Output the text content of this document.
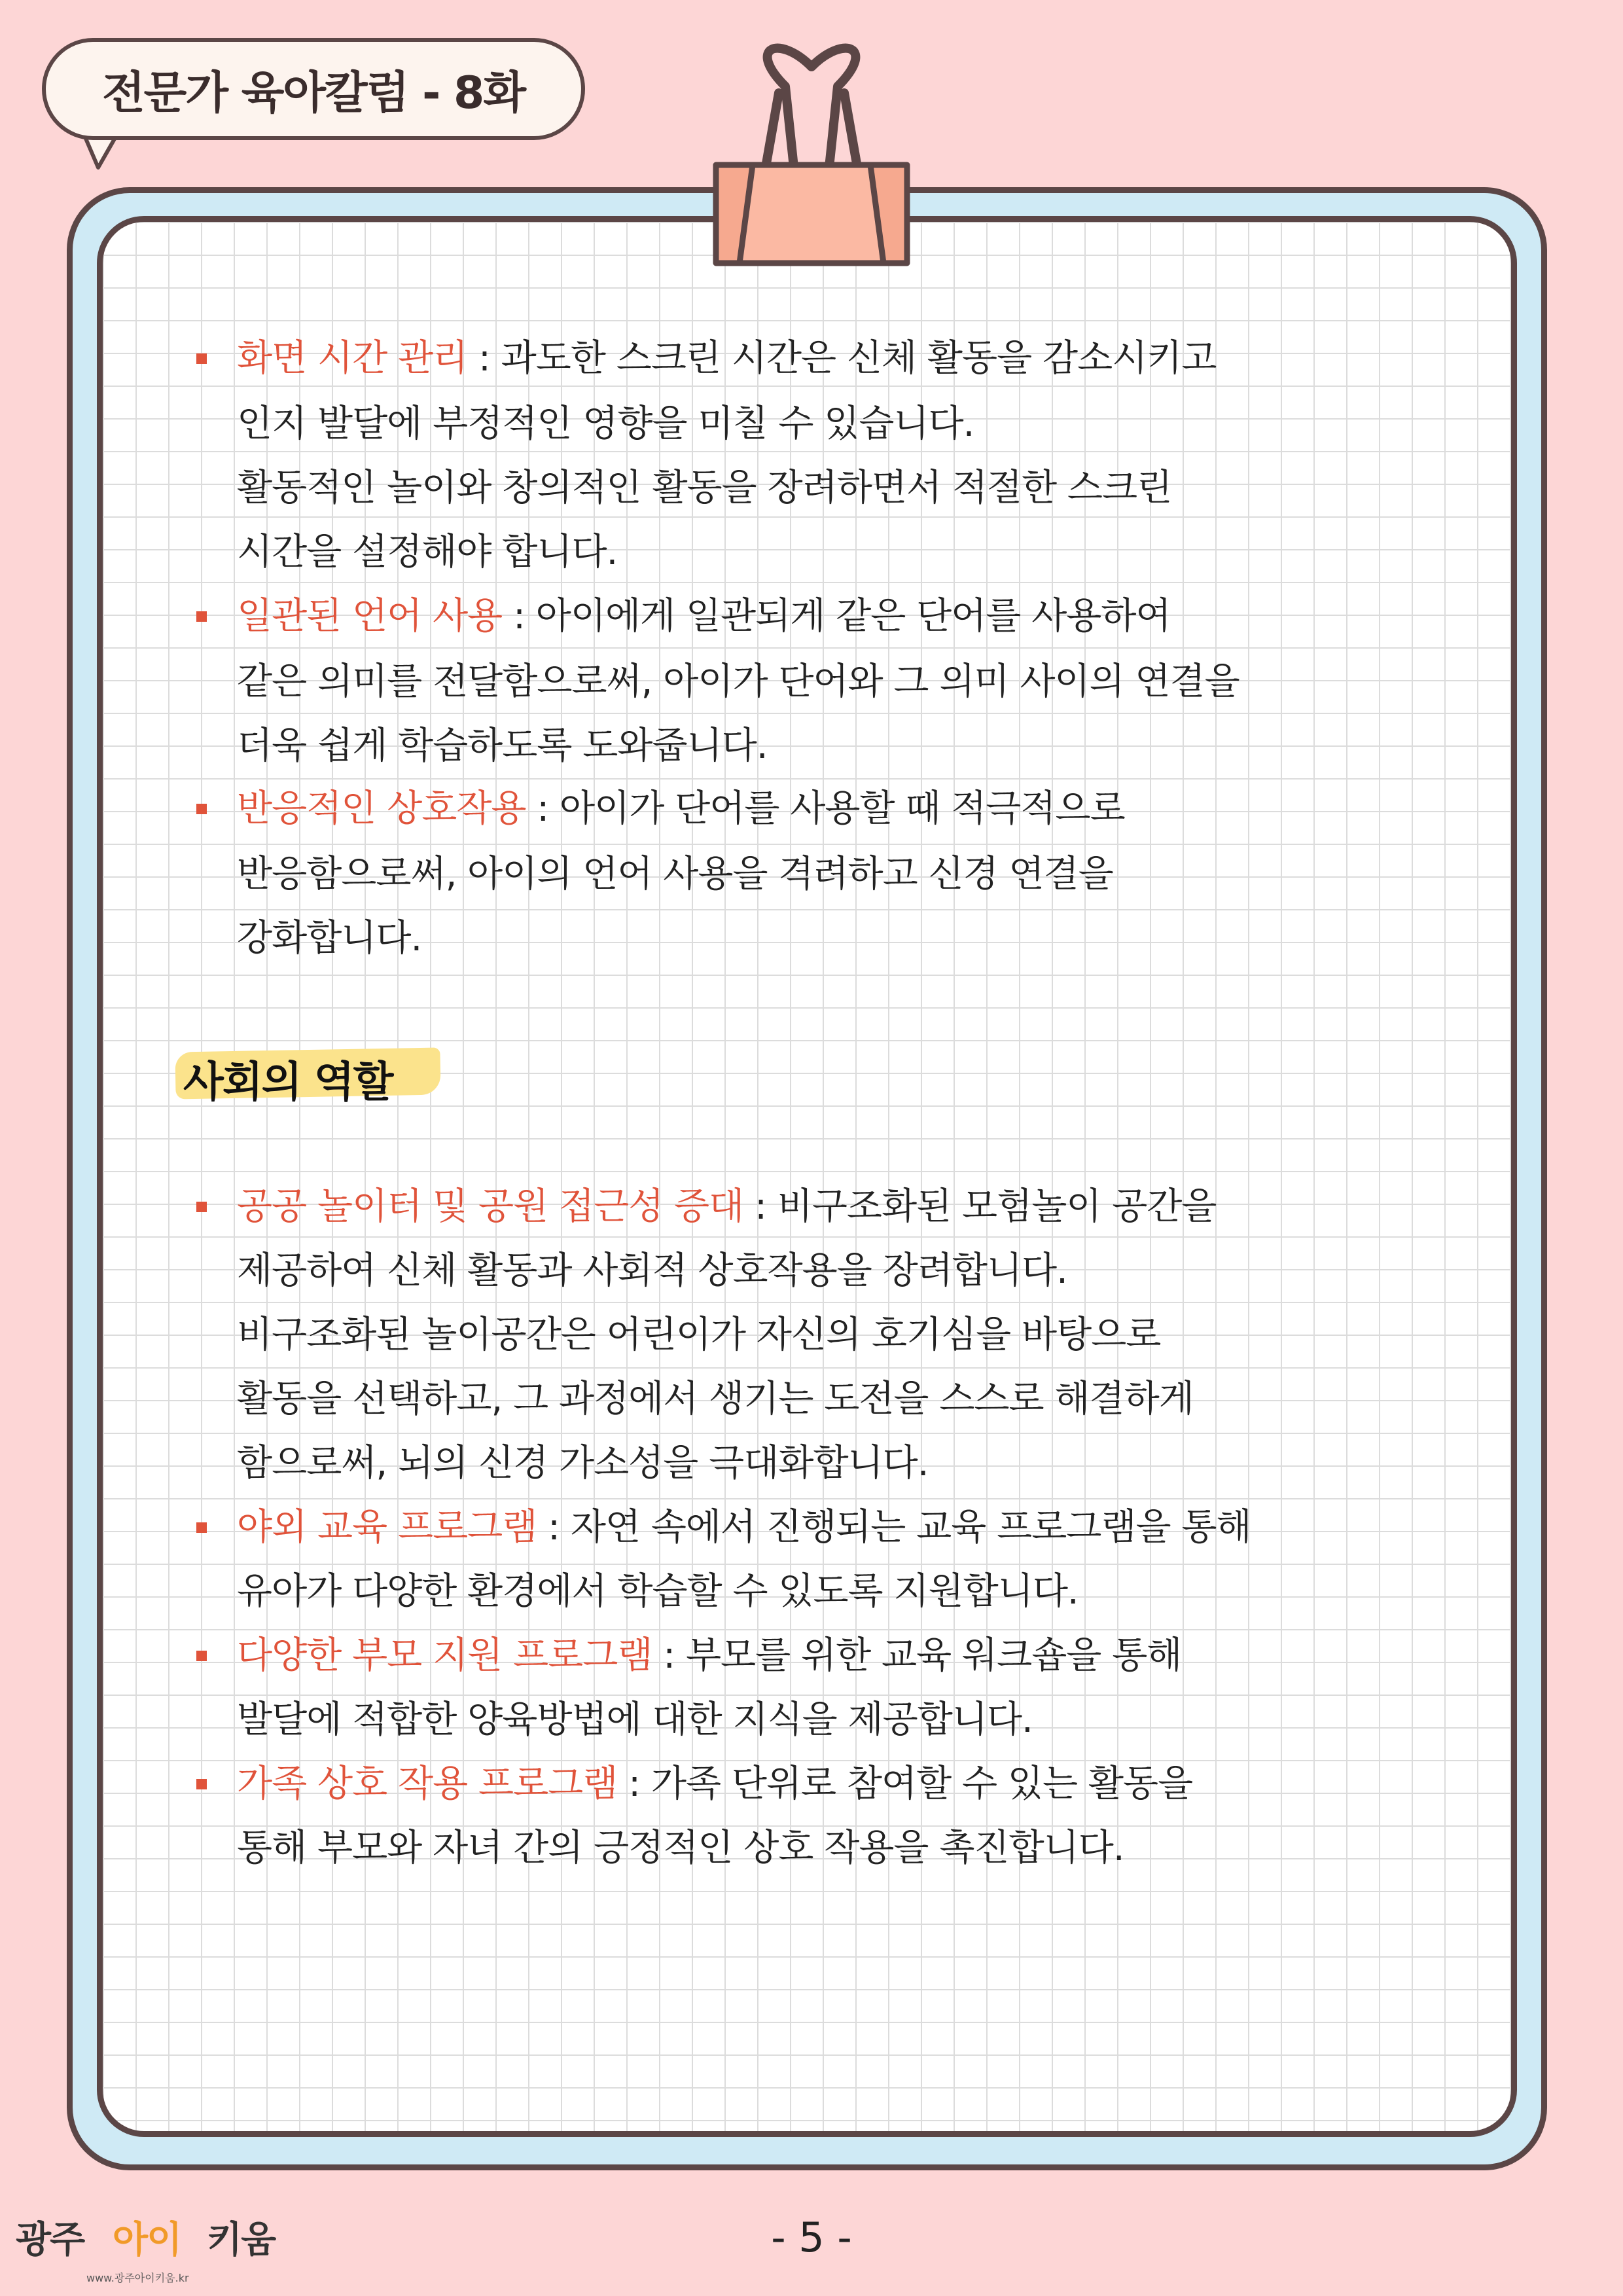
전문가 육아칼럼 - 8화
화면 시간 관리 : 과도한 스크린 시간은 신체 활동을 감소시키고
인지 발달에 부정적인 영향을 미칠 수 있습니다.
활동적인 놀이와 창의적인 활동을 장려하면서 적절한 스크린
시간을 설정해야 합니다.
일관된 언어 사용 : 아이에게 일관되게 같은 단어를 사용하여
같은 의미를 전달함으로써, 아이가 단어와 그 의미 사이의 연결을
더욱 쉽게 학습하도록 도와줍니다.
반응적인 상호작용 : 아이가 단어를 사용할 때 적극적으로
반응함으로써, 아이의 언어 사용을 격려하고 신경 연결을
강화합니다.
사회의 역할
공공 놀이터 및 공원 접근성 증대 : 비구조화된 모험놀이 공간을
제공하여 신체 활동과 사회적 상호작용을 장려합니다.
비구조화된 놀이공간은 어린이가 자신의 호기심을 바탕으로
활동을 선택하고, 그 과정에서 생기는 도전을 스스로 해결하게
함으로써, 뇌의 신경 가소성을 극대화합니다.
야외 교육 프로그램 : 자연 속에서 진행되는 교육 프로그램을 통해
유아가 다양한 환경에서 학습할 수 있도록 지원합니다.
다양한 부모 지원 프로그램 : 부모를 위한 교육 워크숍을 통해
발달에 적합한 양육방법에 대한 지식을 제공합니다.
가족 상호 작용 프로그램 : 가족 단위로 참여할 수 있는 활동을
통해 부모와 자녀 간의 긍정적인 상호 작용을 촉진합니다.
광주 아이 키움
www.광주아이키움.kr
- 5 -
